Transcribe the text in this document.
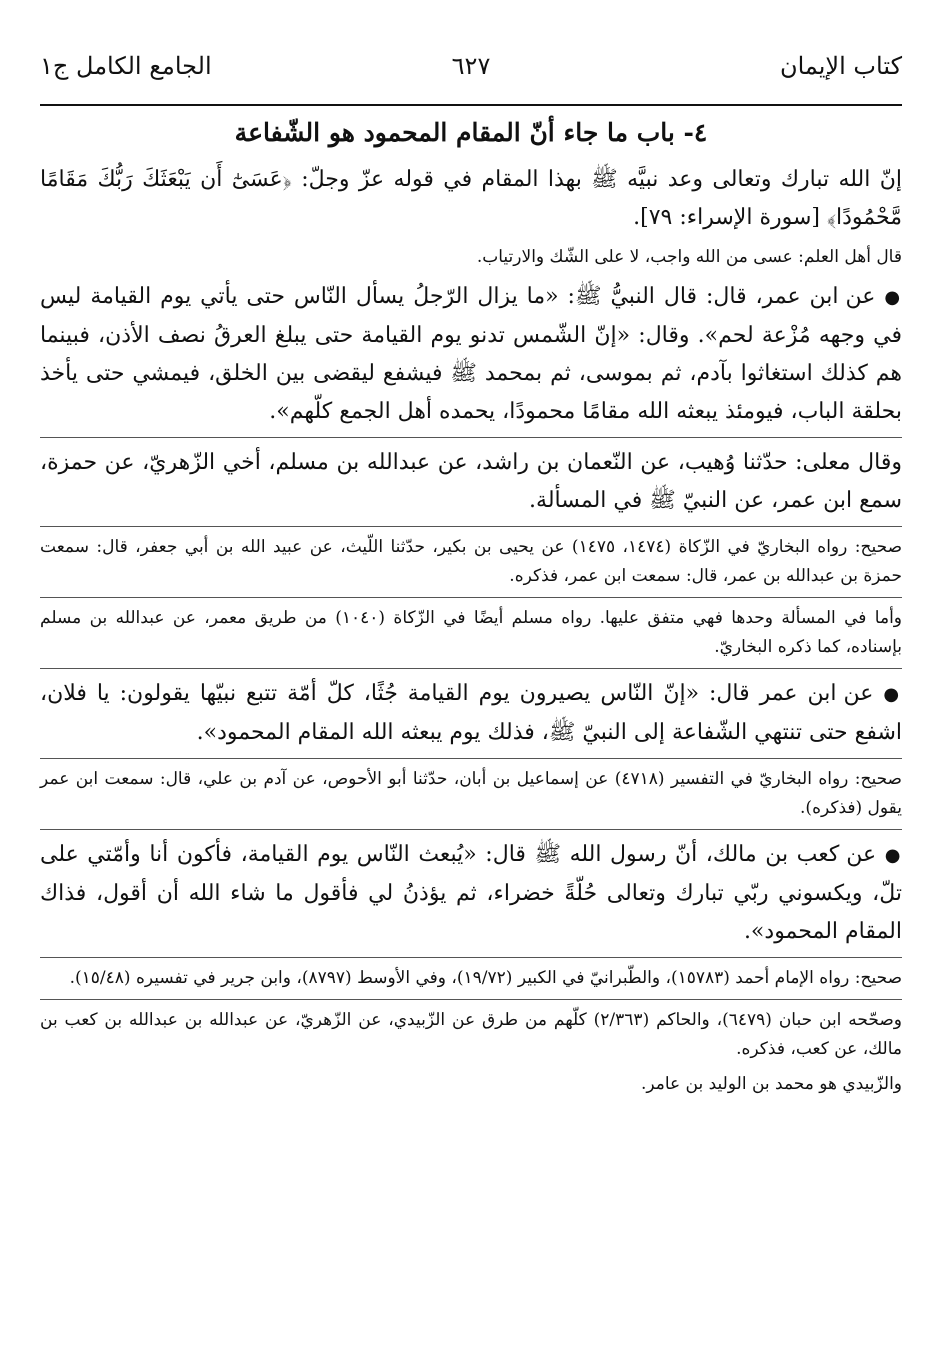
كتاب الإيمان
٦٢٧
الجامع الكامل ج١
٤- باب ما جاء أنّ المقام المحمود هو الشّفاعة

إنّ الله تبارك وتعالى وعد نبيَّه ﷺ بهذا المقام في قوله عزّ وجلّ: ﴿عَسَىٰٓ أَن يَبْعَثَكَ رَبُّكَ مَقَامًا مَّحْمُودًا﴾ [سورة الإسراء: ٧٩].

قال أهل العلم: عسى من الله واجب، لا على الشّك والارتياب.

● عن ابن عمر، قال: قال النبيُّ ﷺ: «ما يزال الرّجلُ يسأل النّاس حتى يأتي يوم القيامة ليس في وجهه مُزْعة لحم». وقال: «إنّ الشّمس تدنو يوم القيامة حتى يبلغ العرقُ نصف الأذن، فبينما هم كذلك استغاثوا بآدم، ثم بموسى، ثم بمحمد ﷺ فيشفع ليقضى بين الخلق، فيمشي حتى يأخذ بحلقة الباب، فيومئذ يبعثه الله مقامًا محمودًا، يحمده أهل الجمع كلّهم».

وقال معلى: حدّثنا وُهيب، عن النّعمان بن راشد، عن عبدالله بن مسلم، أخي الزّهريّ، عن حمزة، سمع ابن عمر، عن النبيّ ﷺ في المسألة.

صحيح: رواه البخاريّ في الزّكاة (١٤٧٤، ١٤٧٥) عن يحيى بن بكير، حدّثنا اللّيث، عن عبيد الله بن أبي جعفر، قال: سمعت حمزة بن عبدالله بن عمر، قال: سمعت ابن عمر، فذكره.

وأما في المسألة وحدها فهي متفق عليها. رواه مسلم أيضًا في الزّكاة (١٠٤٠) من طريق معمر، عن عبدالله بن مسلم بإسناده، كما ذكره البخاريّ.

● عن ابن عمر قال: «إنّ النّاس يصيرون يوم القيامة جُثًا، كلّ أمّة تتبع نبيّها يقولون: يا فلان، اشفع حتى تنتهي الشّفاعة إلى النبيّ ﷺ، فذلك يوم يبعثه الله المقام المحمود».

صحيح: رواه البخاريّ في التفسير (٤٧١٨) عن إسماعيل بن أبان، حدّثنا أبو الأحوص، عن آدم بن علي، قال: سمعت ابن عمر يقول (فذكره).

● عن كعب بن مالك، أنّ رسول الله ﷺ قال: «يُبعث النّاس يوم القيامة، فأكون أنا وأمّتي على تلّ، ويكسوني ربّي تبارك وتعالى حُلّةً خضراء، ثم يؤذنُ لي فأقول ما شاء الله أن أقول، فذاك المقام المحمود».

صحيح: رواه الإمام أحمد (١٥٧٨٣)، والطّبرانيّ في الكبير (١٩/٧٢)، وفي الأوسط (٨٧٩٧)، وابن جرير في تفسيره (١٥/٤٨).

وصحّحه ابن حبان (٦٤٧٩)، والحاكم (٢/٣٦٣) كلّهم من طرق عن الزّبيدي، عن الزّهريّ، عن عبدالله بن عبدالله بن كعب بن مالك، عن كعب، فذكره.

والزّبيدي هو محمد بن الوليد بن عامر.
